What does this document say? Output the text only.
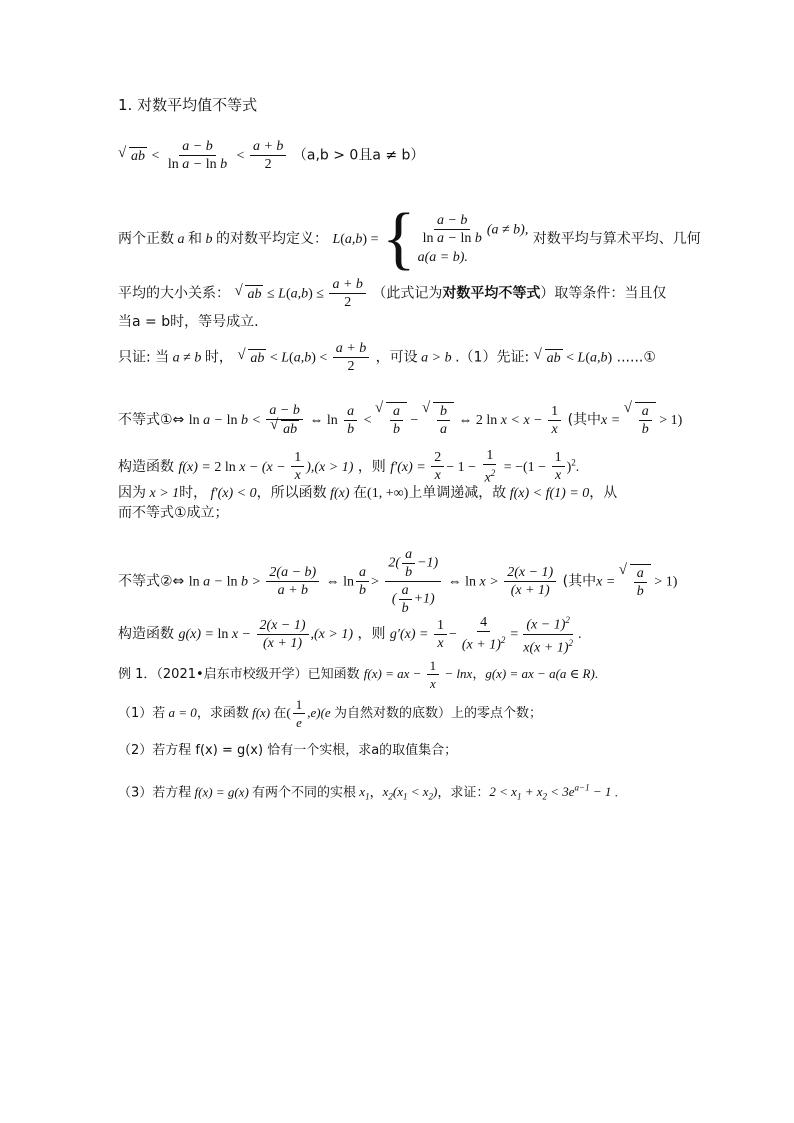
1. 对数平均值不等式
√ ab < $\frac{a - b}{\text{ln a − ln b}} < \frac{a + b}{2} (a,b > 0$且a ≠ b）
两个正数 a 和 b 的对数平均定义： L(a,b) = { $\frac{a - b}{\text{ln a − ln b}} (a \ne b)$,
a(a = b).
对数平均与算术平均、几何
平均的大小关系： √ ab ≤ $L(a,b) \le \frac{a + b}{2}$ （此式记为对数平均不等式）取等条件：当且仅
当a = b时，等号成立.
只证: 当 a ≠ b 时， √ ab < $L(a,b) < \frac{a + b}{2}$ ，可设 a > b .（1）先证: √ ab < L(a,b) ......①
不等式①⇔ ln a − ln b < a − b
√ ab ⇔ $\ln \frac{a}{b}$ < √ $\frac{a}{b}$ − √ $\frac{b}{a}$ ⇔ 2 $\ln x < x - \frac{1}{x}$ (其中x = √ $\frac{a}{b} > 1$)
构造函数 f(x) = 2 $\ln x - (x - \frac{1}{x} ),(x > 1)$ ，则 $f'(x) = \frac{2}{x} - 1 - \frac{1}{x^2} = -(1 - \frac{1}{x} )^2$.
因为 x > 1时， f′(x) < 0，所以函数 f(x) 在(1, +∞)上单调递减，故 f(x) < f(1) = 0，从
而不等式①成立；
不等式②⇔ $\ln a - \ln b > \frac{2(a - b)}{a + b}$ ⇔ $\ln \frac{a}{b} > \frac{2( \frac{a}{b} -1)}{( \frac{a}{b} +1)}$ ⇔ $\ln x > \frac{2(x - 1)}{(x + 1)}$ (其中x = √ $\frac{a}{b} > 1$)
构造函数 $g(x) = \ln x - \frac{2(x - 1)}{(x + 1)} ,(x > 1)$ ，则 $g'(x) = \frac{1}{x} - \frac{4}{(x + 1)^2} = \frac{(x - 1)^2}{x(x + 1)^2}$ .
例 1．（2021•启东市校级开学）已知函数 f(x) = ax − $\frac{1}{x} - \ln x$，g(x) = ax − a(a ∈ R).
（1）若 a = 0，求函数 f(x) 在( $\frac{1}{e} ,e)(e$ 为自然对数的底数）上的零点个数；
（2）若方程 f(x) = g(x) 恰有一个实根，求a的取值集合；
（3）若方程 f(x) = g(x) 有两个不同的实根 $x_1$，$x_2(x_1 < x_2)$，求证：$2 < x_1 + x_2 < 3e^{a-1} - 1$ .
